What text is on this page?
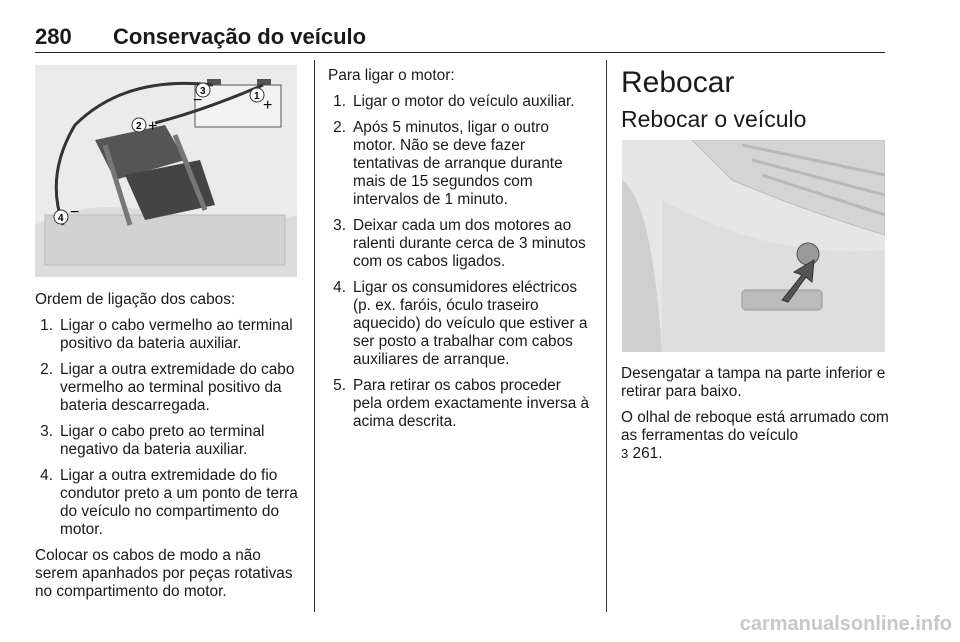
280 Conservação do veículo
3	1
+
−
2 +
4 −

Ordem de ligação dos cabos:

1. Ligar o cabo vermelho ao terminal positivo da bateria auxiliar.
2. Ligar a outra extremidade do cabo vermelho ao terminal positivo da bateria descarregada.
3. Ligar o cabo preto ao terminal negativo da bateria auxiliar.
4. Ligar a outra extremidade do fio condutor preto a um ponto de terra do veículo no compartimento do motor.

Colocar os cabos de modo a não serem apanhados por peças rotativas no compartimento do motor.

Para ligar o motor:

1. Ligar o motor do veículo auxiliar.
2. Após 5 minutos, ligar o outro motor. Não se deve fazer tentativas de arranque durante mais de 15 segundos com intervalos de 1 minuto.
3. Deixar cada um dos motores ao ralenti durante cerca de 3 minutos com os cabos ligados.
4. Ligar os consumidores eléctricos (p. ex. faróis, óculo traseiro aquecido) do veículo que estiver a ser posto a trabalhar com cabos auxiliares de arranque.
5. Para retirar os cabos proceder pela ordem exactamente inversa à acima descrita.
Rebocar
Rebocar o veículo

Desengatar a tampa na parte inferior e retirar para baixo.

O olhal de reboque está arrumado com as ferramentas do veículo
3 261.

carmanualsonline.info
